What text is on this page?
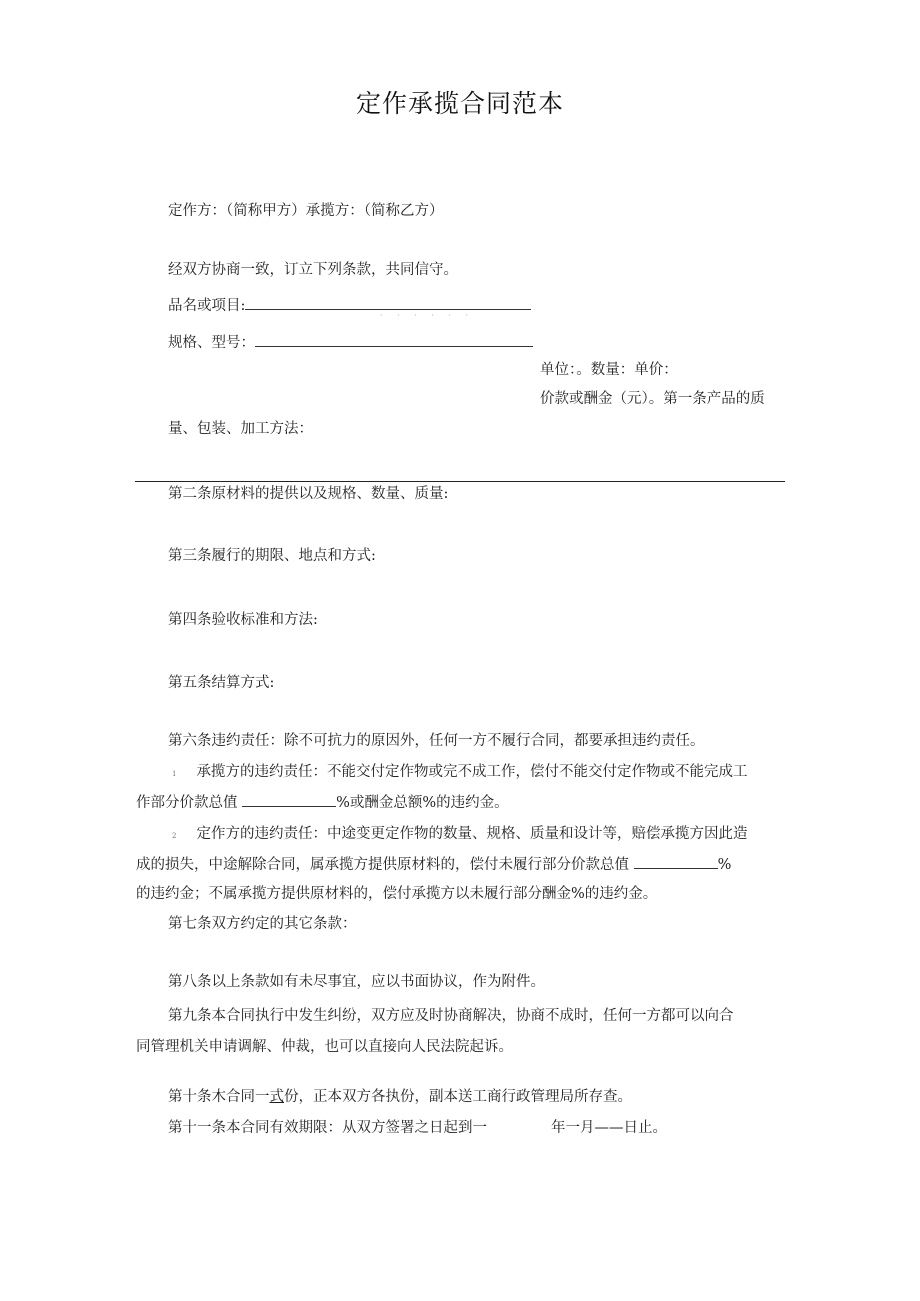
定作承揽合同范本
定作方：（简称甲方）承揽方：（简称乙方）
经双方协商一致，订立下列条款，共同信守。
品名或项目:
· · · · · ·
规格、型号：
单位：。数量：单价：
价款或酬金（元）。第一条产品的质
量、包装、加工方法：
第二条原材料的提供以及规格、数量、质量:
第三条履行的期限、地点和方式:
第四条验收标准和方法:
第五条结算方式:
第六条违约责任：除不可抗力的原因外，任何一方不履行合同，都要承担违约责任。
1 承揽方的违约责任：不能交付定作物或完不成工作，偿付不能交付定作物或不能完成工
作部分价款总值	%或酬金总额%的违约金。
2 定作方的违约责任：中途变更定作物的数量、规格、质量和设计等，赔偿承揽方因此造
成的损失，中途解除合同，属承揽方提供原材料的，偿付未履行部分价款总值	%
的违约金；不属承揽方提供原材料的，偿付承揽方以未履行部分酬金%的违约金。
第七条双方约定的其它条款：
第八条以上条款如有未尽事宜，应以书面协议，作为附件。
第九条本合同执行中发生纠纷，双方应及时协商解决，协商不成时，任何一方都可以向合
同管理机关申请调解、仲裁，也可以直接向人民法院起诉。
第十条木合同一式份，正本双方各执份，副本送工商行政管理局所存查。
第十一条本合同有效期限：从双方签署之日起到一	年一月——日止。
